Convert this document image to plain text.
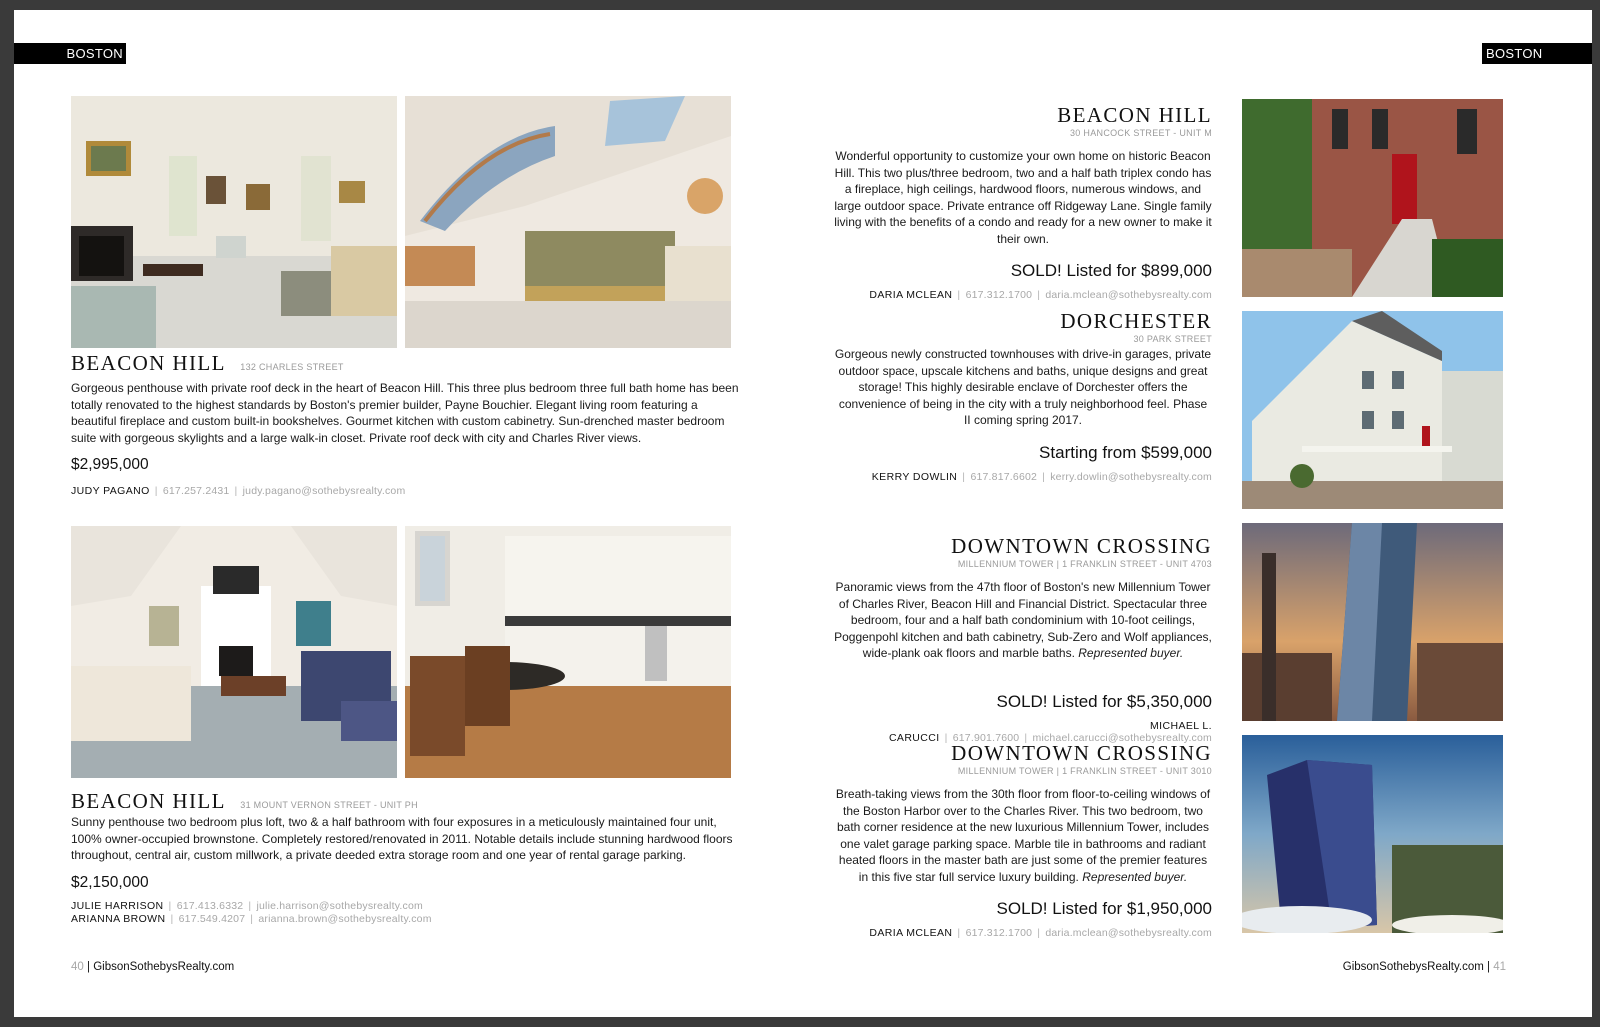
BOSTON	BOSTON
BEACON HILL 132 CHARLES STREET
Gorgeous penthouse with private roof deck in the heart of Beacon Hill. This three plus bedroom three full bath home has been totally renovated to the highest standards by Boston's premier builder, Payne Bouchier. Elegant living room featuring a beautiful fireplace and custom built-in bookshelves. Gourmet kitchen with custom cabinetry. Sun-drenched master bedroom suite with gorgeous skylights and a large walk-in closet. Private roof deck with city and Charles River views.
$2,995,000
JUDY PAGANO | 617.257.2431 | judy.pagano@sothebysrealty.com
BEACON HILL 31 MOUNT VERNON STREET - UNIT PH
Sunny penthouse two bedroom plus loft, two & a half bathroom with four exposures in a meticulously maintained four unit, 100% owner-occupied brownstone. Completely restored/renovated in 2011. Notable details include stunning hardwood floors throughout, central air, custom millwork, a private deeded extra storage room and one year of rental garage parking.
$2,150,000
JULIE HARRISON | 617.413.6332 | julie.harrison@sothebysrealty.com
ARIANNA BROWN | 617.549.4207 | arianna.brown@sothebysrealty.com
BEACON HILL
30 HANCOCK STREET - UNIT M
Wonderful opportunity to customize your own home on historic Beacon Hill. This two plus/three bedroom, two and a half bath triplex condo has a fireplace, high ceilings, hardwood floors, numerous windows, and large outdoor space. Private entrance off Ridgeway Lane. Single family living with the benefits of a condo and ready for a new owner to make it their own.
SOLD! Listed for $899,000
DARIA MCLEAN | 617.312.1700 | daria.mclean@sothebysrealty.com
DORCHESTER
30 PARK STREET
Gorgeous newly constructed townhouses with drive-in garages, private outdoor space, upscale kitchens and baths, unique designs and great storage! This highly desirable enclave of Dorchester offers the convenience of being in the city with a truly neighborhood feel. Phase II coming spring 2017.
Starting from $599,000
KERRY DOWLIN | 617.817.6602 | kerry.dowlin@sothebysrealty.com
DOWNTOWN CROSSING
MILLENNIUM TOWER | 1 FRANKLIN STREET - UNIT 4703
Panoramic views from the 47th floor of Boston's new Millennium Tower of Charles River, Beacon Hill and Financial District. Spectacular three bedroom, four and a half bath condominium with 10-foot ceilings, Poggenpohl kitchen and bath cabinetry, Sub-Zero and Wolf appliances, wide-plank oak floors and marble baths. Represented buyer.
SOLD! Listed for $5,350,000
MICHAEL L. CARUCCI | 617.901.7600 | michael.carucci@sothebysrealty.com
DOWNTOWN CROSSING
MILLENNIUM TOWER | 1 FRANKLIN STREET - UNIT 3010
Breath-taking views from the 30th floor from floor-to-ceiling windows of the Boston Harbor over to the Charles River. This two bedroom, two bath corner residence at the new luxurious Millennium Tower, includes one valet garage parking space. Marble tile in bathrooms and radiant heated floors in the master bath are just some of the premier features in this five star full service luxury building. Represented buyer.
SOLD! Listed for $1,950,000
DARIA MCLEAN | 617.312.1700 | daria.mclean@sothebysrealty.com
40 | GibsonSothebysRealty.com	GibsonSothebysRealty.com | 41
